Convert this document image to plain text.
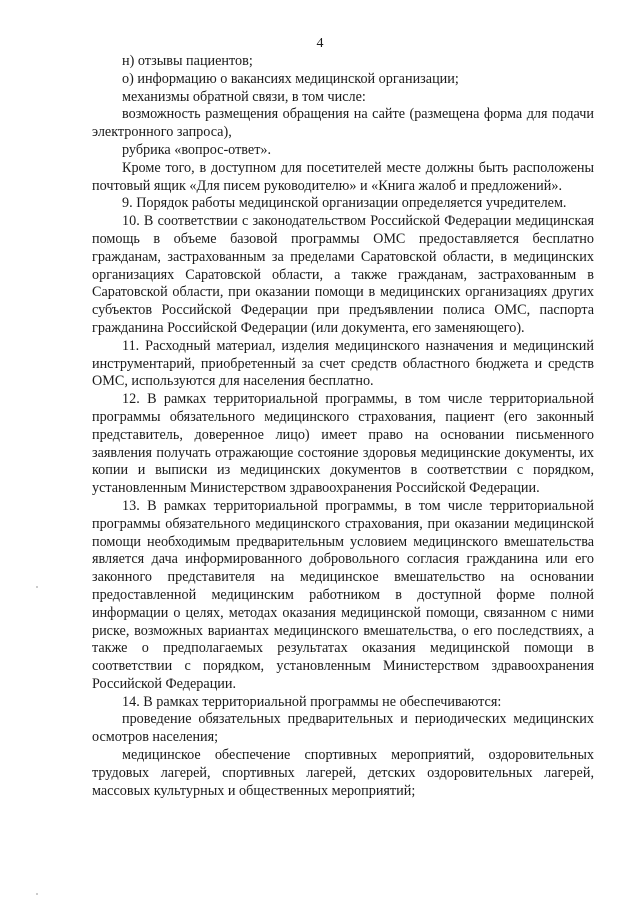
4

н) отзывы пациентов;

о) информацию о вакансиях медицинской организации;

механизмы обратной связи, в том числе:

возможность размещения обращения на сайте (размещена форма для подачи электронного запроса),

рубрика «вопрос-ответ».

Кроме того, в доступном для посетителей месте должны быть расположены почтовый ящик «Для писем руководителю» и «Книга жалоб и предложений».

9. Порядок работы медицинской организации определяется учредителем.

10. В соответствии с законодательством Российской Федерации медицинская помощь в объеме базовой программы ОМС предоставляется бесплатно гражданам, застрахованным за пределами Саратовской области, в медицинских организациях Саратовской области, а также гражданам, застрахованным в Саратовской области, при оказании помощи в медицинских организациях других субъектов Российской Федерации при предъявлении полиса ОМС, паспорта гражданина Российской Федерации (или документа, его заменяющего).

11. Расходный материал, изделия медицинского назначения и медицинский инструментарий, приобретенный за счет средств областного бюджета и средств ОМС, используются для населения бесплатно.

12. В рамках территориальной программы, в том числе территориальной программы обязательного медицинского страхования, пациент (его законный представитель, доверенное лицо) имеет право на основании письменного заявления получать отражающие состояние здоровья медицинские документы, их копии и выписки из медицинских документов в соответствии с порядком, установленным Министерством здравоохранения Российской Федерации.

13. В рамках территориальной программы, в том числе территориальной программы обязательного медицинского страхования, при оказании медицинской помощи необходимым предварительным условием медицинского вмешательства является дача информированного добровольного согласия гражданина или его законного представителя на медицинское вмешательство на основании предоставленной медицинским работником в доступной форме полной информации о целях, методах оказания медицинской помощи, связанном с ними риске, возможных вариантах медицинского вмешательства, о его последствиях, а также о предполагаемых результатах оказания медицинской помощи в соответствии с порядком, установленным Министерством здравоохранения Российской Федерации.

14. В рамках территориальной программы не обеспечиваются:

проведение обязательных предварительных и периодических медицинских осмотров населения;

медицинское обеспечение спортивных мероприятий, оздоровительных трудовых лагерей, спортивных лагерей, детских оздоровительных лагерей, массовых культурных и общественных мероприятий;
